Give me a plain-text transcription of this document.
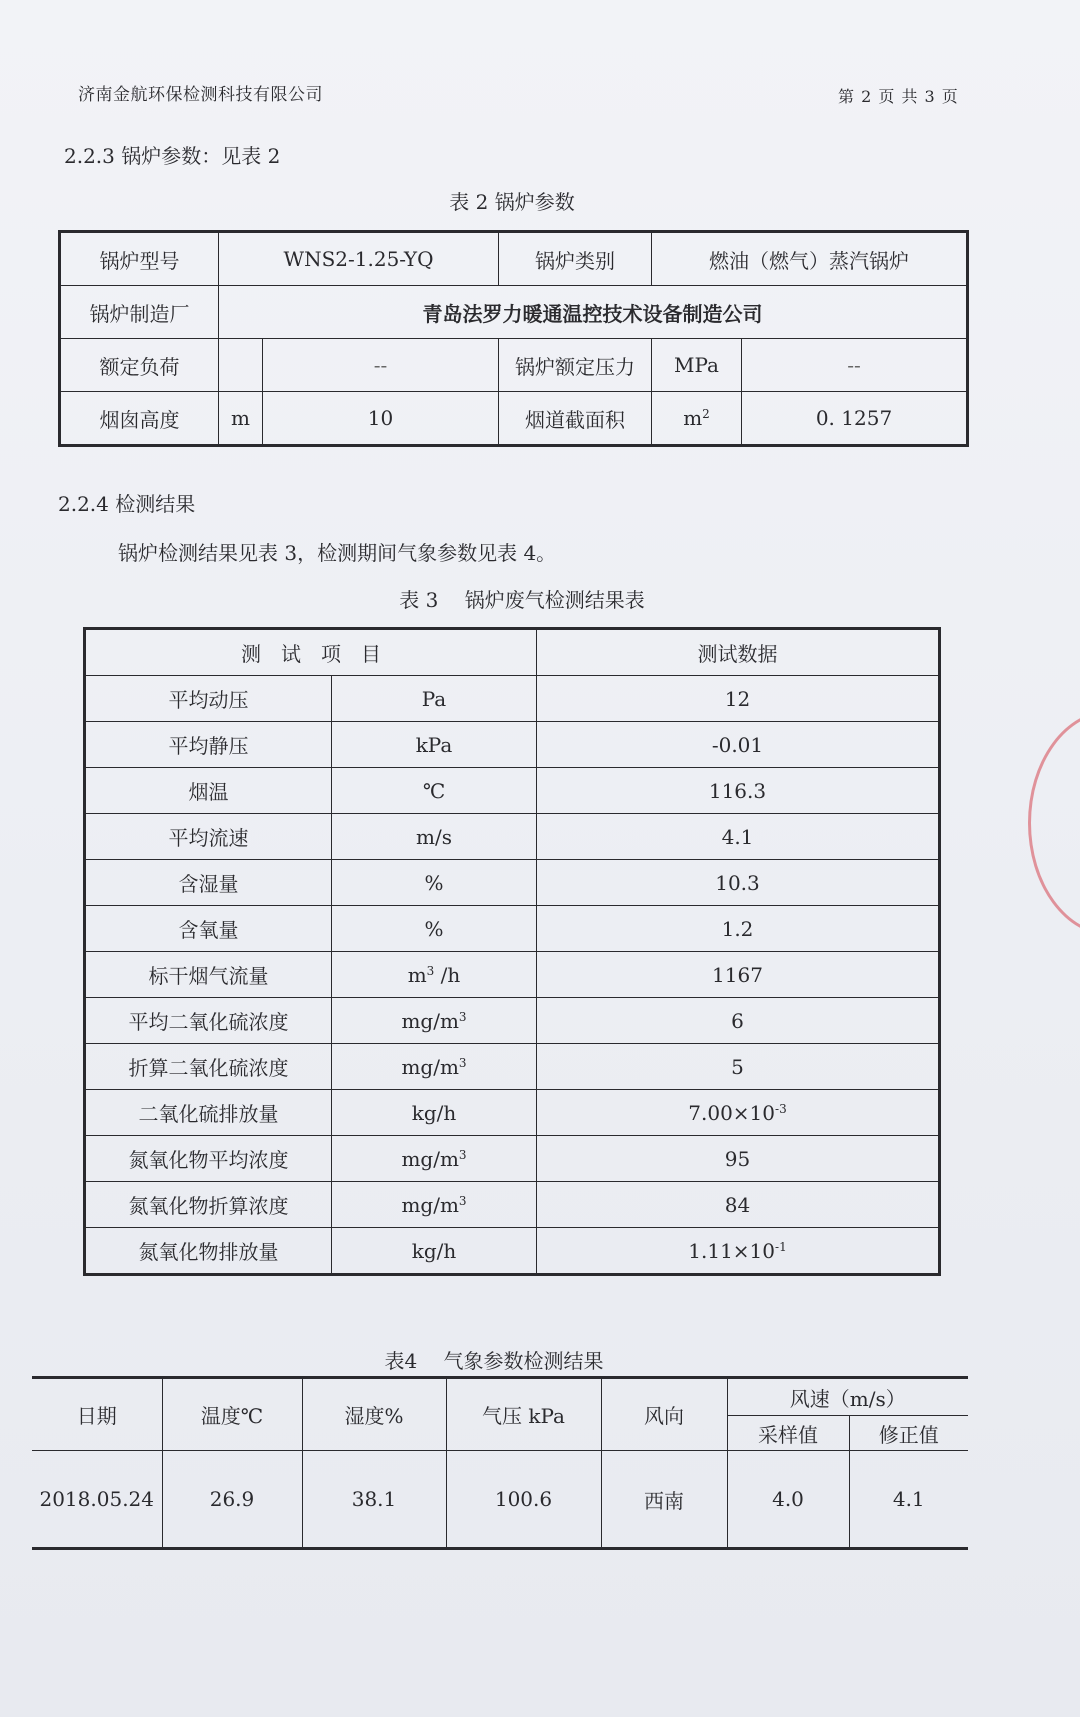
济南金航环保检测科技有限公司	第 2 页 共 3 页
2.2.3 锅炉参数：见表 2
表 2 锅炉参数
锅炉型号	WNS2-1.25-YQ		锅炉类别	燃油（燃气）蒸汽锅炉	
锅炉制造厂	青岛法罗力暖通温控技术设备制造公司				
额定负荷		--	锅炉额定压力	MPa	--
烟囱高度	m	10	烟道截面积	$m^2$	0. 1257
2.2.4 检测结果
锅炉检测结果见表 3，检测期间气象参数见表 4。
表 3　 锅炉废气检测结果表
测　试　项　目		测试数据
平均动压	Pa	12
平均静压	kPa	-0.01
烟温	℃	116.3
平均流速	m/s	4.1
含湿量	%	10.3
含氧量	%	1.2
标干烟气流量	$m^3$ /h	1167
平均二氧化硫浓度	$mg/m^3$	6
折算二氧化硫浓度	$mg/m^3$	5
二氧化硫排放量	kg/h	$7.00\times 10^{-3}$
氮氧化物平均浓度	$mg/m^3$	95
氮氧化物折算浓度	$mg/m^3$	84
氮氧化物排放量	kg/h	$1.11\times 10^{-1}$
表4　 气象参数检测结果
日期	温度℃	湿度%	气压 kPa	风向	风速（m/s）	
					采样值	修正值
2018.05.24	26.9	38.1	100.6	西南	4.0	4.1
